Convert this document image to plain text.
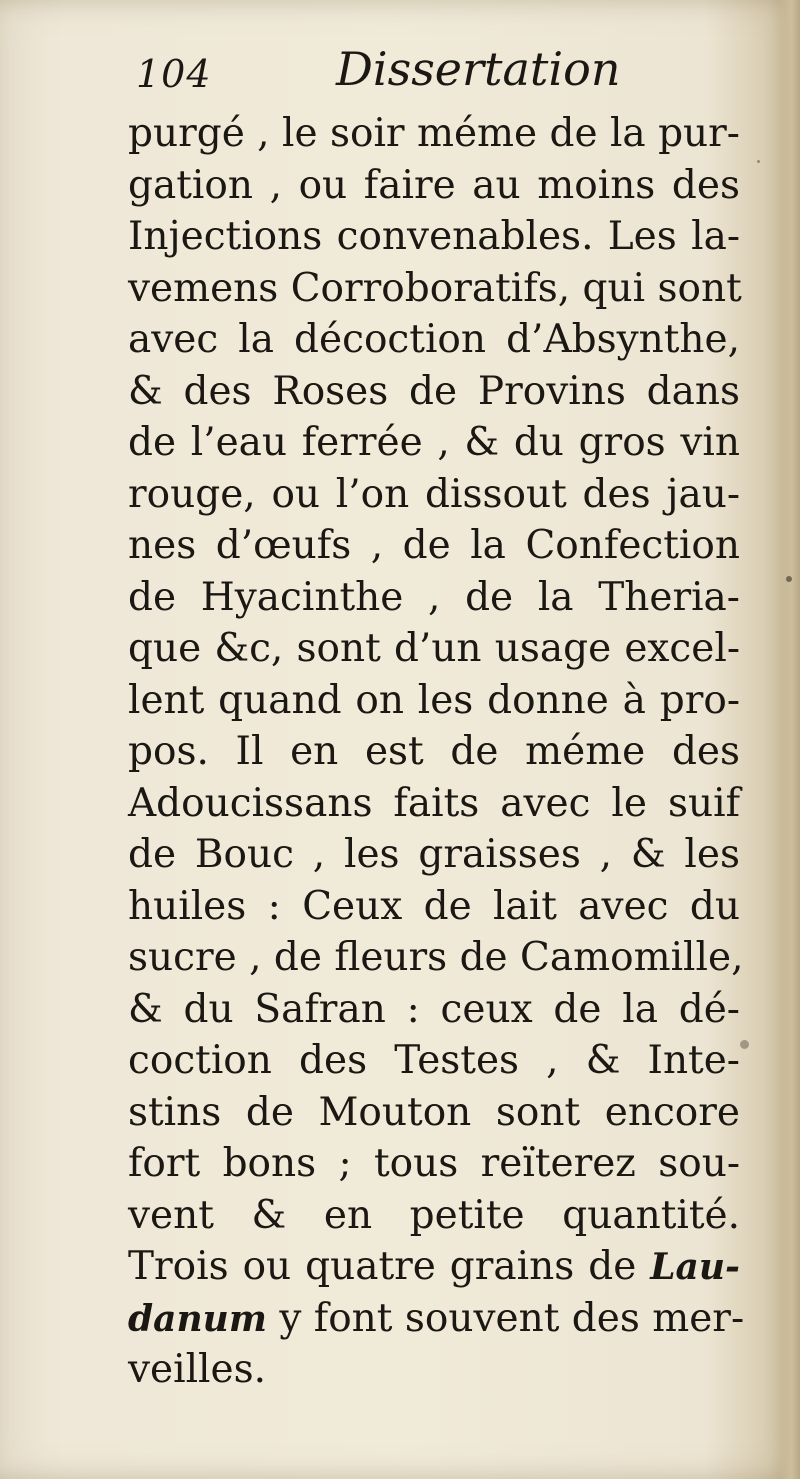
104	Dissertation
purgé , le soir méme de la pur-
gation , ou faire au moins des
Injections convenables. Les la-
vemens Corroboratifs, qui sont
avec la décoction d’Absynthe,
& des Roses de Provins dans
de l’eau ferrée , & du gros vin
rouge, ou l’on dissout des jau-
nes d’œufs , de la Confection
de Hyacinthe , de la Theria-
que &c, sont d’un usage excel-
lent quand on les donne à pro-
pos. Il en est de méme des
Adoucissans faits avec le suif
de Bouc , les graisses , & les
huiles : Ceux de lait avec du
sucre , de fleurs de Camomille,
& du Safran : ceux de la dé-
coction des Testes , & Inte-
stins de Mouton sont encore
fort bons ; tous reïterez sou-
vent & en petite quantité.
Trois ou quatre grains de Lau-
danum y font souvent des mer-
veilles.
